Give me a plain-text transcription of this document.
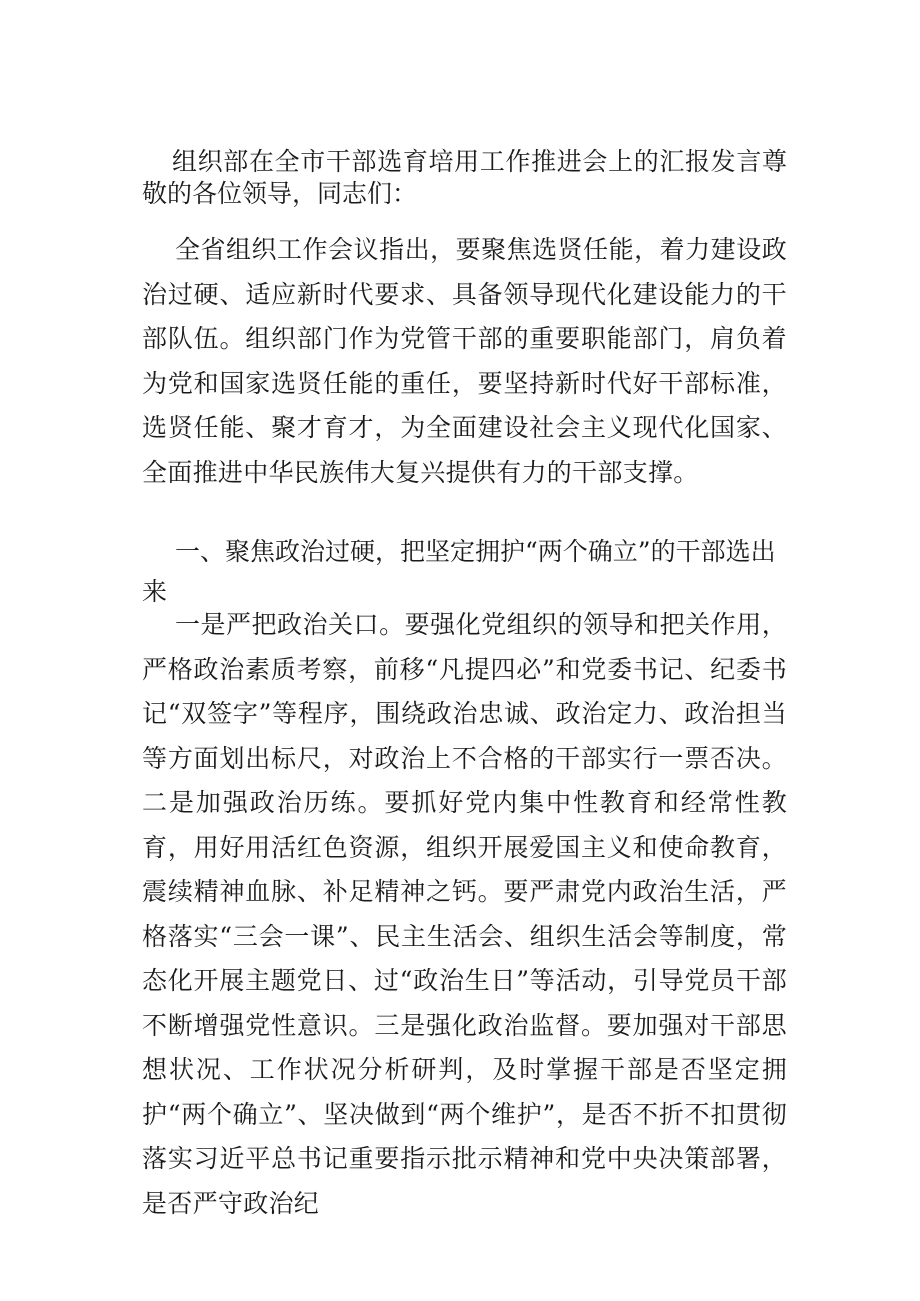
组织部在全市干部选育培用工作推进会上的汇报发言尊敬的各位领导，同志们：

全省组织工作会议指出，要聚焦选贤任能，着力建设政治过硬、适应新时代要求、具备领导现代化建设能力的干部队伍。组织部门作为党管干部的重要职能部门，肩负着为党和国家选贤任能的重任，要坚持新时代好干部标准，选贤任能、聚才育才，为全面建设社会主义现代化国家、全面推进中华民族伟大复兴提供有力的干部支撑。

一、聚焦政治过硬，把坚定拥护“两个确立”的干部选出来

一是严把政治关口。要强化党组织的领导和把关作用，严格政治素质考察，前移“凡提四必”和党委书记、纪委书记“双签字”等程序，围绕政治忠诚、政治定力、政治担当等方面划出标尺，对政治上不合格的干部实行一票否决。二是加强政治历练。要抓好党内集中性教育和经常性教育，用好用活红色资源，组织开展爱国主义和使命教育，震续精神血脉、补足精神之钙。要严肃党内政治生活，严格落实“三会一课”、民主生活会、组织生活会等制度，常态化开展主题党日、过“政治生日”等活动，引导党员干部不断增强党性意识。三是强化政治监督。要加强对干部思想状况、工作状况分析研判，及时掌握干部是否坚定拥护“两个确立”、坚决做到“两个维护”，是否不折不扣贯彻落实习近平总书记重要指示批示精神和党中央决策部署，是否严守政治纪
